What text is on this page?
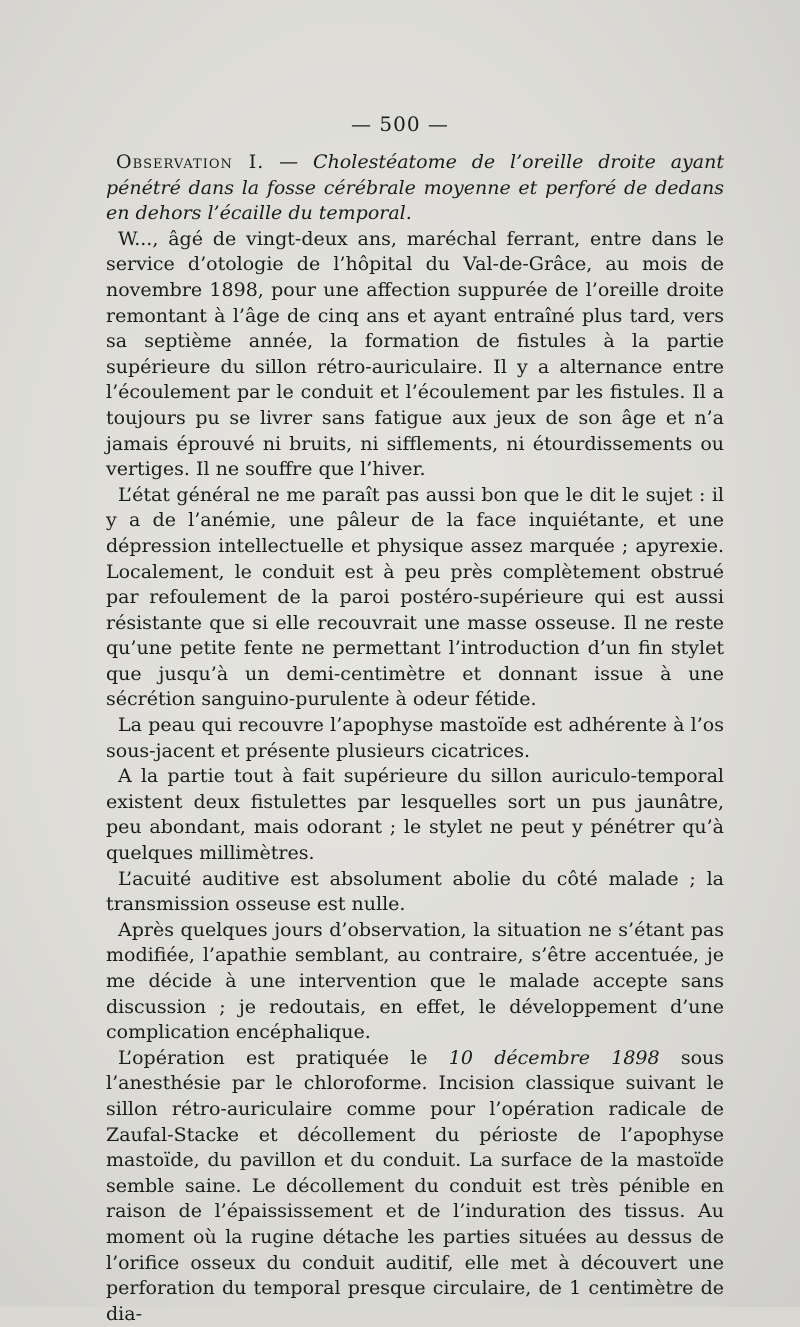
— 500 —

Observation I. — Cholestéatome de l’oreille droite ayant pénétré dans la fosse cérébrale moyenne et perforé de dedans en dehors l’écaille du temporal.

W..., âgé de vingt-deux ans, maréchal ferrant, entre dans le service d’otologie de l’hôpital du Val-de-Grâce, au mois de novembre 1898, pour une affection suppurée de l’oreille droite remontant à l’âge de cinq ans et ayant entraîné plus tard, vers sa septième année, la formation de fistules à la partie supérieure du sillon rétro-auriculaire. Il y a alternance entre l’écoulement par le conduit et l’écoulement par les fistules. Il a toujours pu se livrer sans fatigue aux jeux de son âge et n’a jamais éprouvé ni bruits, ni sifflements, ni étourdissements ou vertiges. Il ne souffre que l’hiver.

L’état général ne me paraît pas aussi bon que le dit le sujet : il y a de l’anémie, une pâleur de la face inquiétante, et une dépression intellectuelle et physique assez marquée ; apyrexie. Localement, le conduit est à peu près complètement obstrué par refoulement de la paroi postéro-supérieure qui est aussi résistante que si elle recouvrait une masse osseuse. Il ne reste qu’une petite fente ne permettant l’introduction d’un fin stylet que jusqu’à un demi-centimètre et donnant issue à une sécrétion sanguino-purulente à odeur fétide.

La peau qui recouvre l’apophyse mastoïde est adhérente à l’os sous-jacent et présente plusieurs cicatrices.

A la partie tout à fait supérieure du sillon auriculo-temporal existent deux fistulettes par lesquelles sort un pus jaunâtre, peu abondant, mais odorant ; le stylet ne peut y pénétrer qu’à quelques millimètres.

L’acuité auditive est absolument abolie du côté malade ; la transmission osseuse est nulle.

Après quelques jours d’observation, la situation ne s’étant pas modifiée, l’apathie semblant, au contraire, s’être accentuée, je me décide à une intervention que le malade accepte sans discussion ; je redoutais, en effet, le développement d’une complication encéphalique.

L’opération est pratiquée le 10 décembre 1898 sous l’anesthésie par le chloroforme. Incision classique suivant le sillon rétro-auriculaire comme pour l’opération radicale de Zaufal-Stacke et décollement du périoste de l’apophyse mastoïde, du pavillon et du conduit. La surface de la mastoïde semble saine. Le décollement du conduit est très pénible en raison de l’épaississement et de l’induration des tissus. Au moment où la rugine détache les parties situées au dessus de l’orifice osseux du conduit auditif, elle met à découvert une perforation du temporal presque circulaire, de 1 centimètre de dia-
